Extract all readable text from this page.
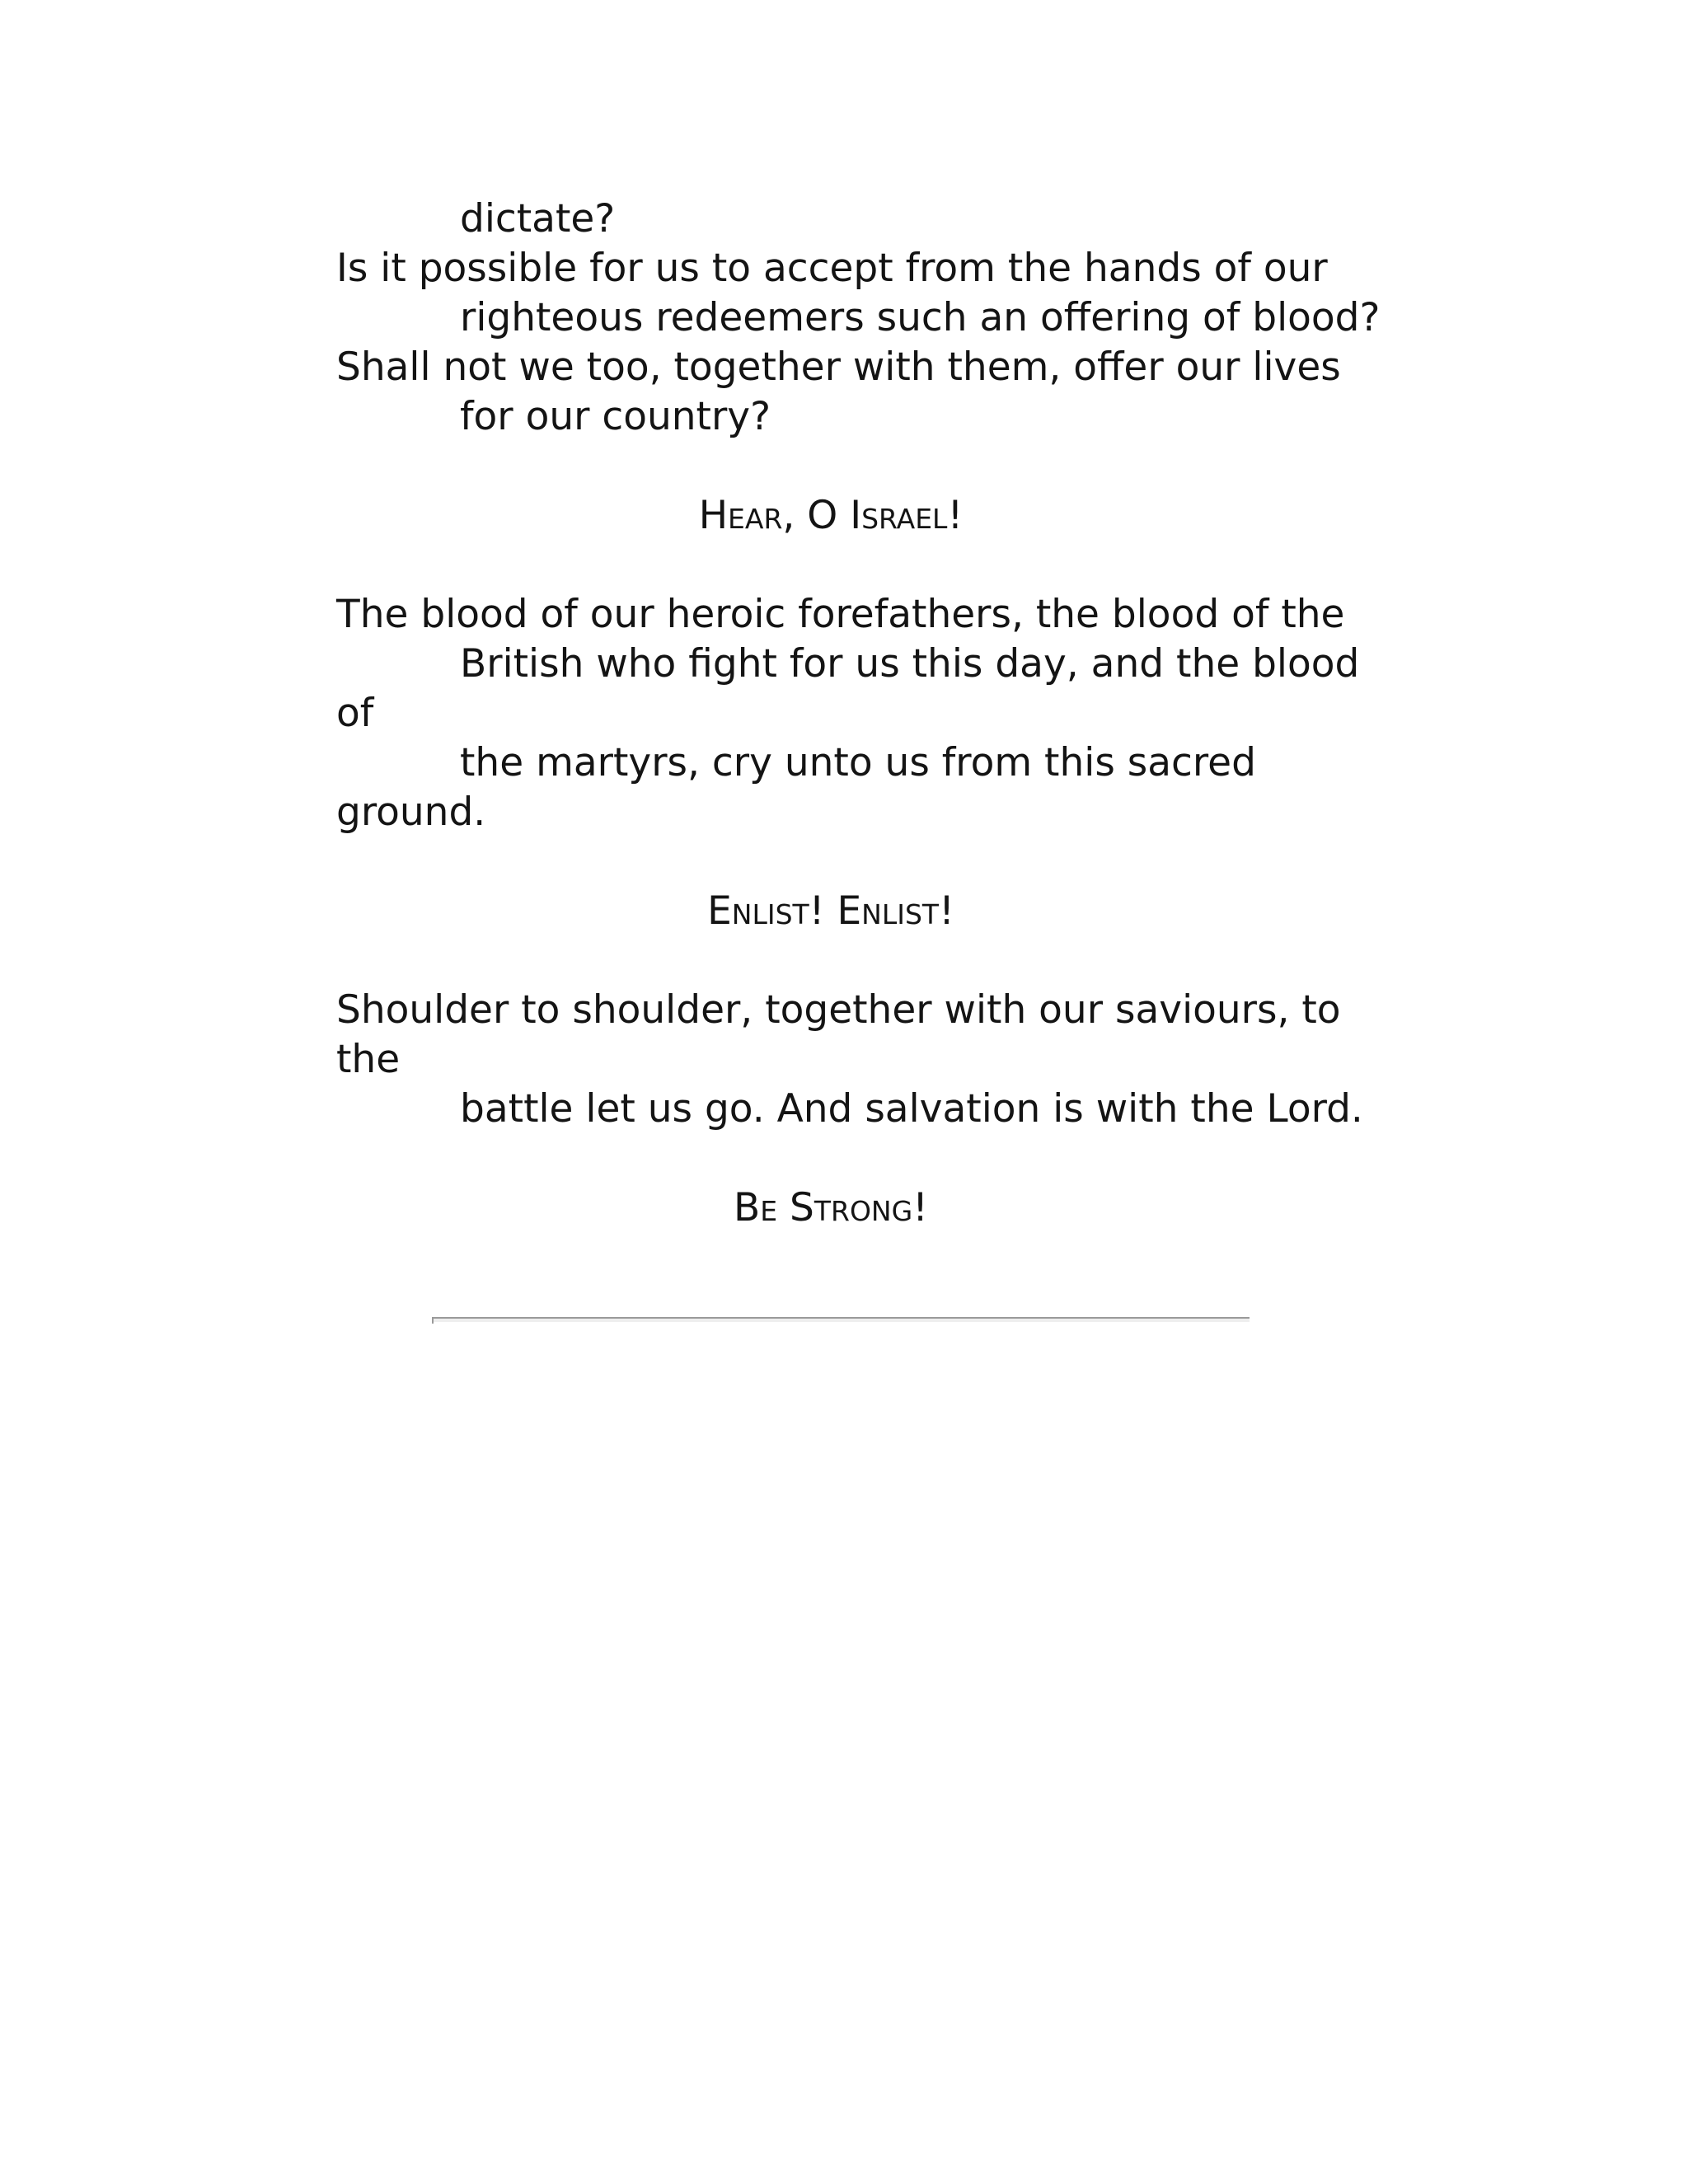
dictate?
Is it possible for us to accept from the hands of our
righteous redeemers such an offering of blood?
Shall not we too, together with them, offer our lives
for our country?
Hear, O Israel!
The blood of our heroic forefathers, the blood of the
British who fight for us this day, and the blood
of
the martyrs, cry unto us from this sacred
ground.
Enlist! Enlist!
Shoulder to shoulder, together with our saviours, to
the
battle let us go. And salvation is with the Lord.
Be Strong!
